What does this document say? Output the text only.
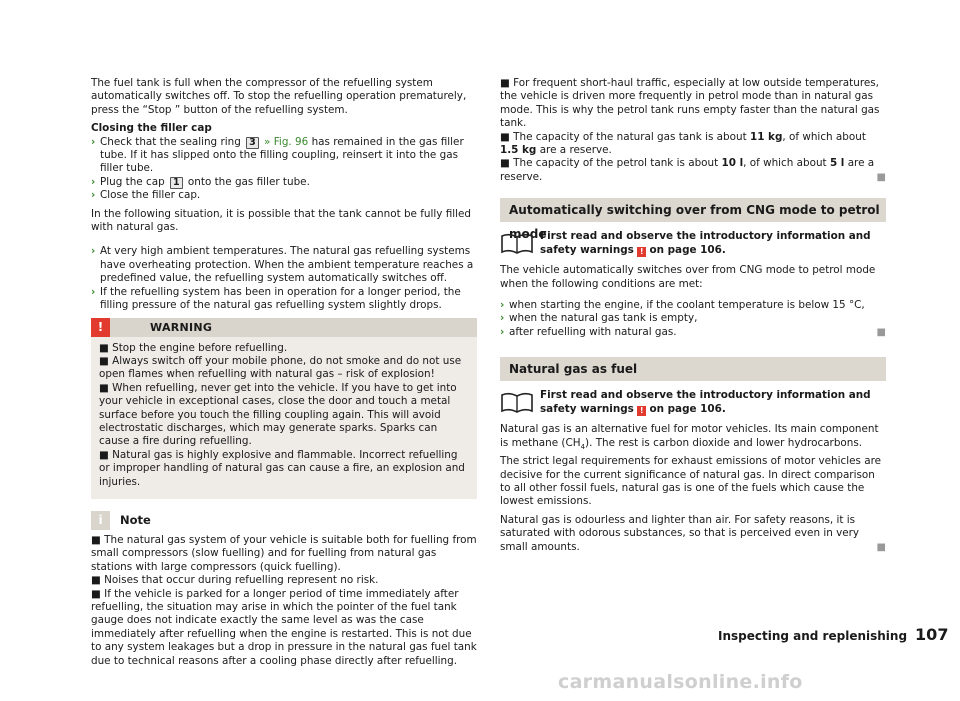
The fuel tank is full when the compressor of the refuelling system automatically switches off. To stop the refuelling operation prematurely, press the “Stop ” button of the refuelling system.

Closing the filler cap

› Check that the sealing ring 3 » Fig. 96 has remained in the gas filler tube. If it has slipped onto the filling coupling, reinsert it into the gas filler tube.
› Plug the cap 1 onto the gas filler tube.
› Close the filler cap.

In the following situation, it is possible that the tank cannot be fully filled with natural gas.

› At very high ambient temperatures. The natural gas refuelling systems have overheating protection. When the ambient temperature reaches a predefined value, the refuelling system automatically switches off.
› If the refuelling system has been in operation for a longer period, the filling pressure of the natural gas refuelling system slightly drops.
!	WARNING

■ Stop the engine before refuelling.

■ Always switch off your mobile phone, do not smoke and do not use open flames when refuelling with natural gas – risk of explosion!

■ When refuelling, never get into the vehicle. If you have to get into your vehicle in exceptional cases, close the door and touch a metal surface before you touch the filling coupling again. This will avoid electrostatic discharges, which may generate sparks. Sparks can cause a fire during refuelling.

■ Natural gas is highly explosive and flammable. Incorrect refuelling or improper handling of natural gas can cause a fire, an explosion and injuries.

i	Note

■ The natural gas system of your vehicle is suitable both for fuelling from small compressors (slow fuelling) and for fuelling from natural gas stations with large compressors (quick fuelling).

■ Noises that occur during refuelling represent no risk.

■ If the vehicle is parked for a longer period of time immediately after refuelling, the situation may arise in which the pointer of the fuel tank gauge does not indicate exactly the same level as was the case immediately after refuelling when the engine is restarted. This is not due to any system leakages but a drop in pressure in the natural gas fuel tank due to technical reasons after a cooling phase directly after refuelling.

■ For frequent short-haul traffic, especially at low outside temperatures, the vehicle is driven more frequently in petrol mode than in natural gas mode. This is why the petrol tank runs empty faster than the natural gas tank.

■ The capacity of the natural gas tank is about 11 kg, of which about 1.5 kg are a reserve.

■ The capacity of the petrol tank is about 10 l, of which about 5 l are a reserve.	■

Automatically switching over from CNG mode to petrol mode
First read and observe the introductory information and safety warnings ! on page 106.

The vehicle automatically switches over from CNG mode to petrol mode when the following conditions are met:

› when starting the engine, if the coolant temperature is below 15 °C,
› when the natural gas tank is empty,
› after refuelling with natural gas.	■
Natural gas as fuel
First read and observe the introductory information and safety warnings ! on page 106.

Natural gas is an alternative fuel for motor vehicles. Its main component is methane $(CH_4)$. The rest is carbon dioxide and lower hydrocarbons.

The strict legal requirements for exhaust emissions of motor vehicles are decisive for the current significance of natural gas. In direct comparison to all other fossil fuels, natural gas is one of the fuels which cause the lowest emissions.

Natural gas is odourless and lighter than air. For safety reasons, it is saturated with odorous substances, so that is perceived even in very small amounts.	■

Inspecting and replenishing 107
carmanualsonline.info
